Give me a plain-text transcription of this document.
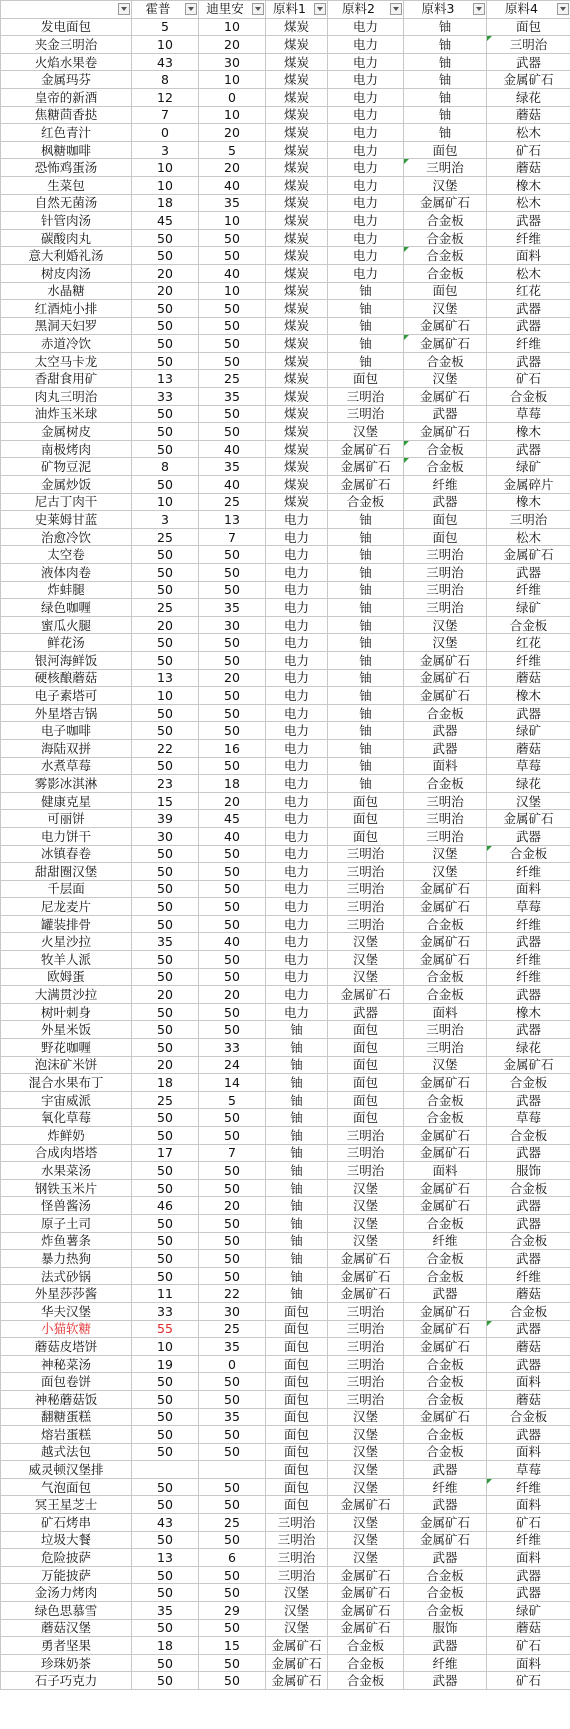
	霍普	迪里安	原料1	原料2	原料3	原料4

发电面包	5	10	煤炭	电力	铀	面包
夹金三明治	10	20	煤炭	电力	铀	三明治

火焰水果卷	43	30	煤炭	电力	铀	武器
金属玛芬	8	10	煤炭	电力	铀	金属矿石
皇帝的新酒	12	0	煤炭	电力	铀	绿花
焦糖茴香挞	7	10	煤炭	电力	铀	蘑菇
红色青汁	0	20	煤炭	电力	铀	松木
枫糖咖啡	3	5	煤炭	电力	面包	矿石
恐怖鸡蛋汤	10	20	煤炭	电力	三明治	蘑菇
生菜包	10	40	煤炭	电力	汉堡	橡木
自然无菌汤	18	35	煤炭	电力	金属矿石	松木
针管肉汤	45	10	煤炭	电力	合金板	武器
碳酸肉丸	50	50	煤炭	电力	合金板	纤维
意大利婚礼汤	50	50	煤炭	电力	合金板	面料
树皮肉汤	20	40	煤炭	电力	合金板	松木
水晶糖	20	10	煤炭	铀	面包	红花
红酒炖小排	50	50	煤炭	铀	汉堡	武器
黑洞天妇罗	50	50	煤炭	铀	金属矿石	武器
赤道冷饮	50	50	煤炭	铀	金属矿石	纤维
太空马卡龙	50	50	煤炭	铀	合金板	武器
香甜食用矿	13	25	煤炭	面包	汉堡	矿石
肉丸三明治	33	35	煤炭	三明治	金属矿石	合金板
油炸玉米球	50	50	煤炭	三明治	武器	草莓
金属树皮	50	50	煤炭	汉堡	金属矿石	橡木
南极烤肉	50	40	煤炭	金属矿石	合金板	武器
矿物豆泥	8	35	煤炭	金属矿石	合金板	绿矿
金属炒饭	50	40	煤炭	金属矿石	纤维	金属碎片
尼古丁肉干	10	25	煤炭	合金板	武器	橡木
史莱姆甘蓝	3	13	电力	铀	面包	三明治
治愈冷饮	25	7	电力	铀	面包	松木
太空卷	50	50	电力	铀	三明治	金属矿石
液体肉卷	50	50	电力	铀	三明治	武器
炸蚌腿	50	50	电力	铀	三明治	纤维
绿色咖喱	25	35	电力	铀	三明治	绿矿
蜜瓜火腿	20	30	电力	铀	汉堡	合金板
鲜花汤	50	50	电力	铀	汉堡	红花
银河海鲜饭	50	50	电力	铀	金属矿石	纤维
硬核酿蘑菇	13	20	电力	铀	金属矿石	蘑菇
电子素塔可	10	50	电力	铀	金属矿石	橡木
外星塔吉锅	50	50	电力	铀	合金板	武器
电子咖啡	50	50	电力	铀	武器	绿矿
海陆双拼	22	16	电力	铀	武器	蘑菇
水煮草莓	50	50	电力	铀	面料	草莓
雾影冰淇淋	23	18	电力	铀	合金板	绿花
健康克星	15	20	电力	面包	三明治	汉堡
可丽饼	39	45	电力	面包	三明治	金属矿石
电力饼干	30	40	电力	面包	三明治	武器
冰镇春卷	50	50	电力	三明治	汉堡	合金板

甜甜圈汉堡	50	50	电力	三明治	汉堡	纤维
千层面	50	50	电力	三明治	金属矿石	面料
尼龙麦片	50	50	电力	三明治	金属矿石	草莓
罐装排骨	50	50	电力	三明治	合金板	纤维
火星沙拉	35	40	电力	汉堡	金属矿石	武器
牧羊人派	50	50	电力	汉堡	金属矿石	纤维
欧姆蛋	50	50	电力	汉堡	合金板	纤维
大满贯沙拉	20	20	电力	金属矿石	合金板	武器
树叶刺身	50	50	电力	武器	面料	橡木
外星米饭	50	50	铀	面包	三明治	武器
野花咖喱	50	33	铀	面包	三明治	绿花
泡沫矿米饼	20	24	铀	面包	汉堡	金属矿石
混合水果布丁	18	14	铀	面包	金属矿石	合金板
宇宙威派	25	5	铀	面包	合金板	武器
氧化草莓	50	50	铀	面包	合金板	草莓
炸鲜奶	50	50	铀	三明治	金属矿石	合金板
合成肉塔塔	17	7	铀	三明治	金属矿石	武器
水果菜汤	50	50	铀	三明治	面料	服饰
钢铁玉米片	50	50	铀	汉堡	金属矿石	合金板
怪兽酱汤	46	20	铀	汉堡	金属矿石	武器
原子土司	50	50	铀	汉堡	合金板	武器
炸鱼薯条	50	50	铀	汉堡	纤维	合金板
暴力热狗	50	50	铀	金属矿石	合金板	武器
法式砂锅	50	50	铀	金属矿石	合金板	纤维
外星莎莎酱	11	22	铀	金属矿石	武器	蘑菇
华夫汉堡	33	30	面包	三明治	金属矿石	合金板
小猫软糖	55	25	面包	三明治	金属矿石	武器

蘑菇皮塔饼	10	35	面包	三明治	金属矿石	蘑菇
神秘菜汤	19	0	面包	三明治	合金板	武器
面包卷饼	50	50	面包	三明治	合金板	面料
神秘蘑菇饭	50	50	面包	三明治	合金板	蘑菇
翻糖蛋糕	50	35	面包	汉堡	金属矿石	合金板
熔岩蛋糕	50	50	面包	汉堡	合金板	武器
越式法包	50	50	面包	汉堡	合金板	面料
威灵顿汉堡排			面包	汉堡	武器	草莓
气泡面包	50	50	面包	汉堡	纤维	纤维

冥王星芝士	50	50	面包	金属矿石	武器	面料
矿石烤串	43	25	三明治	汉堡	金属矿石	矿石
垃圾大餐	50	50	三明治	汉堡	金属矿石	纤维
危险披萨	13	6	三明治	汉堡	武器	面料
万能披萨	50	50	三明治	金属矿石	合金板	武器
金汤力烤肉	50	50	汉堡	金属矿石	合金板	武器
绿色思慕雪	35	29	汉堡	金属矿石	合金板	绿矿
蘑菇汉堡	50	50	汉堡	金属矿石	服饰	蘑菇
勇者坚果	18	15	金属矿石	合金板	武器	矿石
珍珠奶茶	50	50	金属矿石	合金板	纤维	面料
石子巧克力	50	50	金属矿石	合金板	武器	矿石
